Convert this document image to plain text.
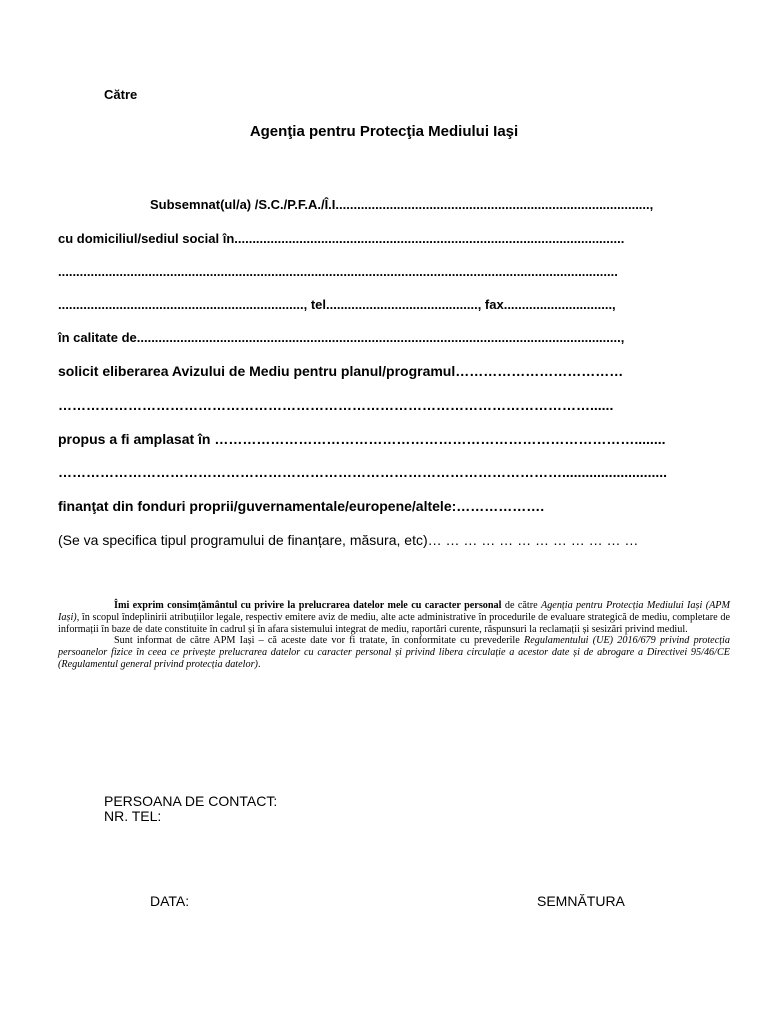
Către
Agenţia pentru Protecţia Mediului Iaşi
Subsemnat(ul/a) /S.C./P.F.A./Î.I.......................................................................................,
cu domiciliul/sediul social în............................................................................................................
...........................................................................................................................................................
...................................................................., tel.........................................., fax..............................,
în calitate de......................................................................................................................................,
solicit eliberarea Avizului de Mediu pentru planul/programul………………………………
……………………………………………………………………………………………………......
propus a fi amplasat în ………………………………………………………………………………........
………………………………………………………………………………………………...........................
finanţat din fonduri proprii/guvernamentale/europene/altele:……………….
(Se va specifica tipul programului de finanțare, măsura, etc)… … … … … … … … … … … …

Îmi exprim consimțământul cu privire la prelucrarea datelor mele cu caracter personal de către Agenția pentru Protecția Mediului Iași (APM Iași), în scopul îndeplinirii atribuțiilor legale, respectiv emitere aviz de mediu, alte acte administrative în procedurile de evaluare strategică de mediu, completare de informații în baze de date constituite în cadrul și în afara sistemului integrat de mediu, raportări curente, răspunsuri la reclamații și sesizări privind mediul.

Sunt informat de către APM Iași – că aceste date vor fi tratate, în conformitate cu prevederile Regulamentului (UE) 2016/679 privind protecția persoanelor fizice în ceea ce privește prelucrarea datelor cu caracter personal și privind libera circulație a acestor date și de abrogare a Directivei 95/46/CE (Regulamentul general privind protecția datelor).

PERSOANA DE CONTACT:
NR. TEL:
DATA:	SEMNĂTURA
